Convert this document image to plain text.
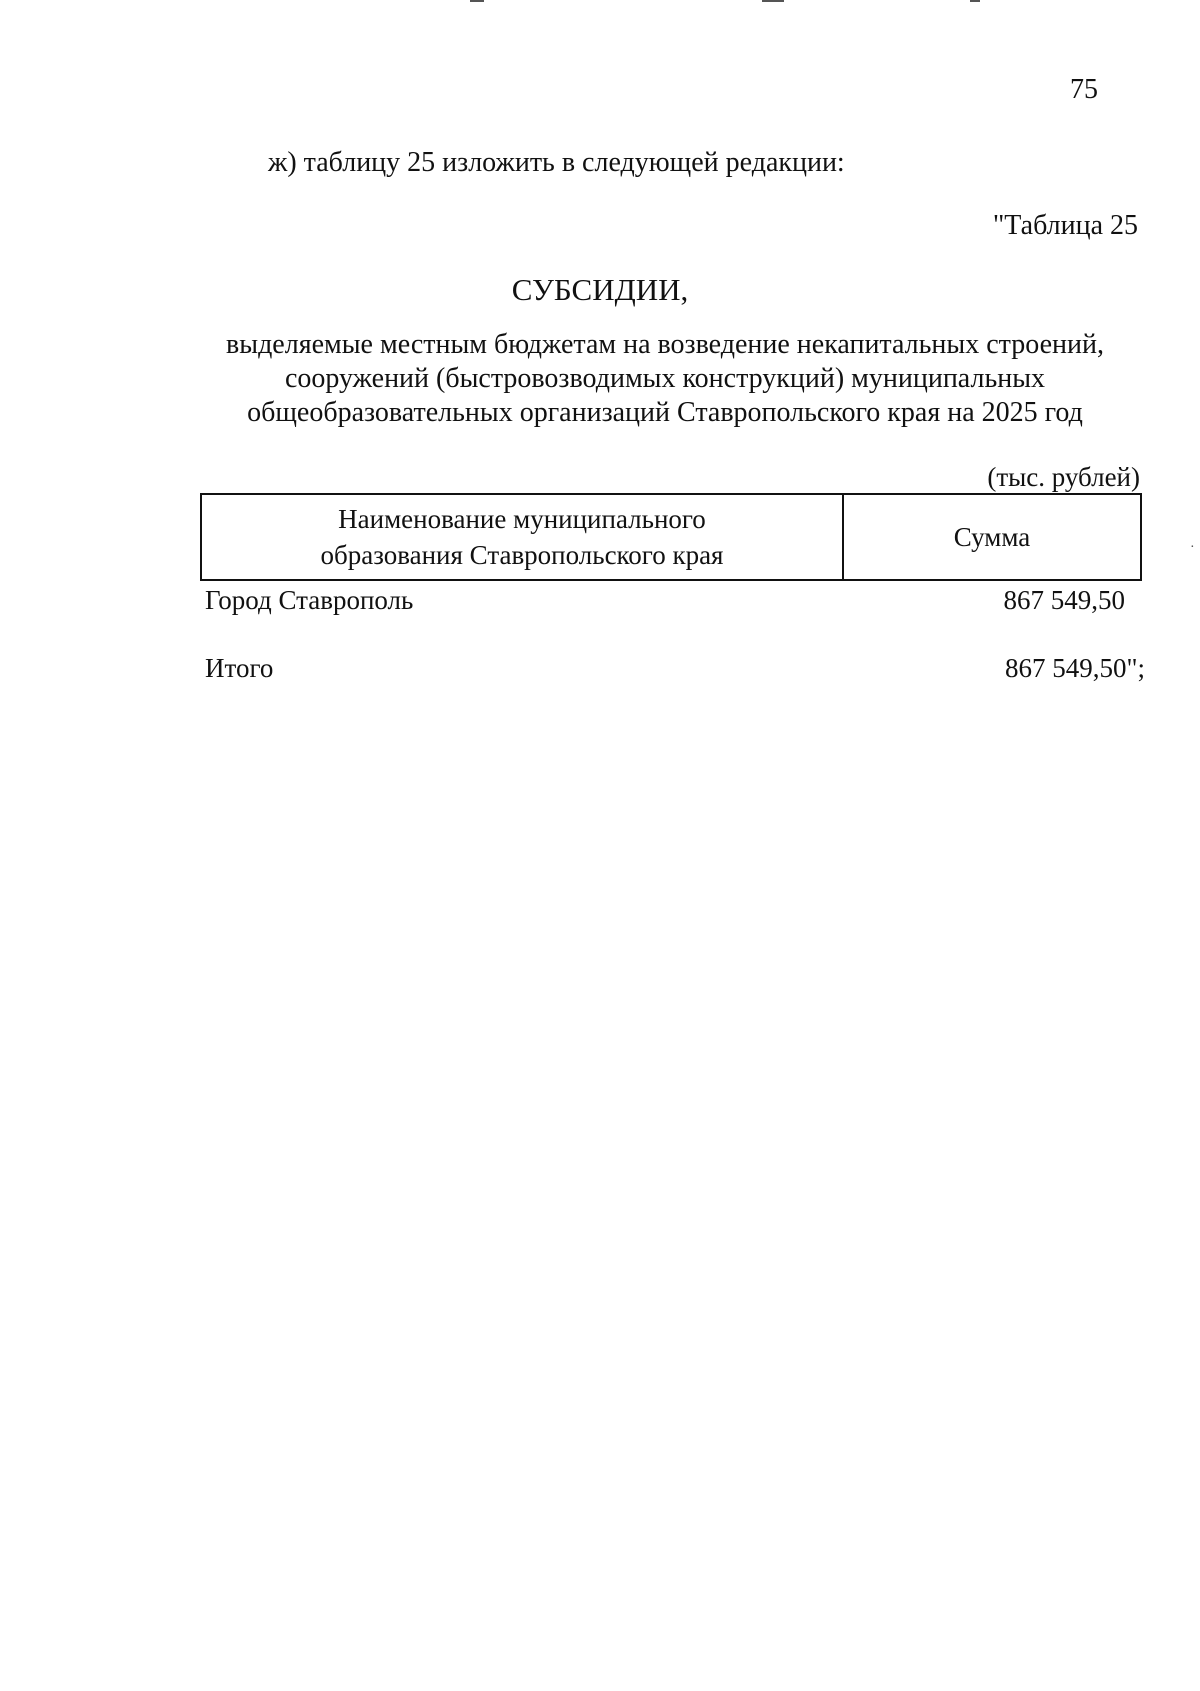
75
ж) таблицу 25 изложить в следующей редакции:
"Таблица 25
СУБСИДИИ,
выделяемые местным бюджетам на возведение некапитальных строений,
сооружений (быстровозводимых конструкций) муниципальных
общеобразовательных организаций Ставропольского края на 2025 год
(тыс. рублей)
Наименование муниципального
образования Ставропольского края
Сумма
Город Ставрополь	867 549,50
Итого	867 549,50";
·
